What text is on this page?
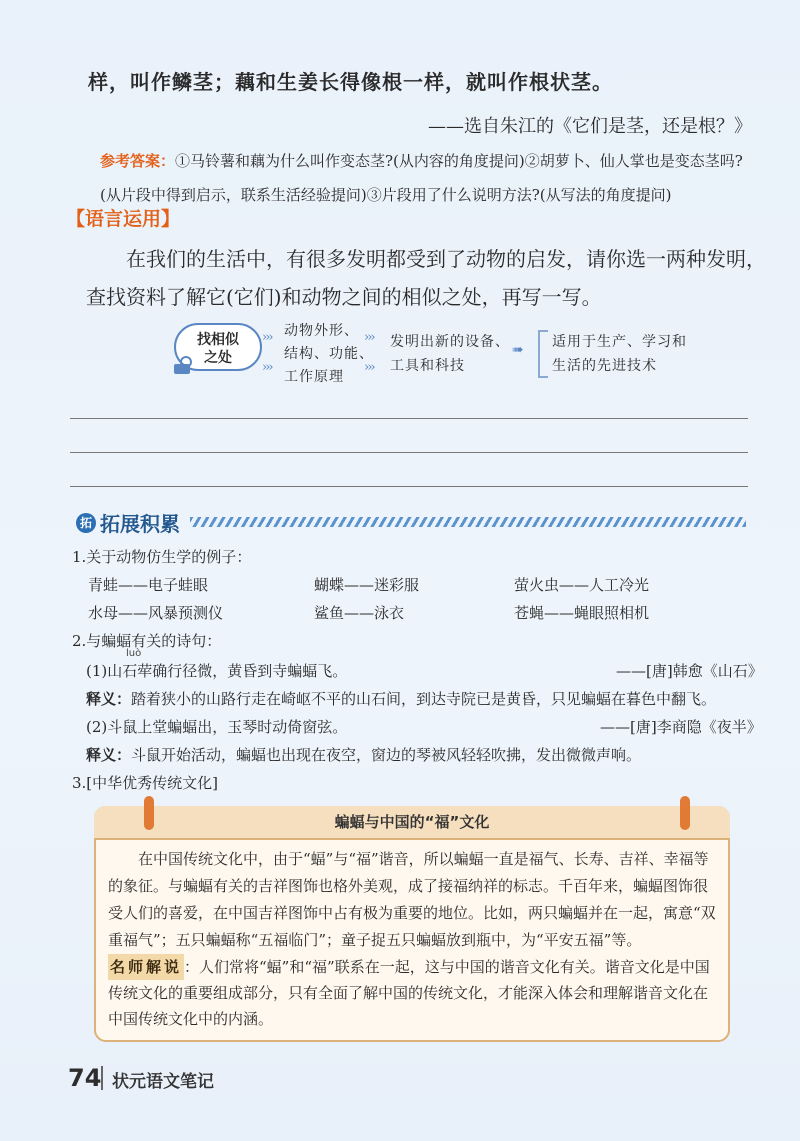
样，叫作鳞茎；藕和生姜长得像根一样，就叫作根状茎。
——选自朱江的《它们是茎，还是根？》
参考答案：①马铃薯和藕为什么叫作变态茎?(从内容的角度提问)②胡萝卜、仙人掌也是变态茎吗?(从片段中得到启示，联系生活经验提问)③片段用了什么说明方法?(从写法的角度提问)
【语言运用】
在我们的生活中，有很多发明都受到了动物的启发，请你选一两种发明，查找资料了解它(它们)和动物之间的相似之处，再写一写。
找相似
之处
›››
›››
动物外形、
结构、功能、
工作原理
›››
›››
发明出新的设备、
工具和科技
➠ 适用于生产、学习和
生活的先进技术
拓 拓展积累
1.关于动物仿生学的例子：
青蛙——电子蛙眼	蝴蝶——迷彩服	萤火虫——人工冷光
水母——风暴预测仪	鲨鱼——泳衣	苍蝇——蝇眼照相机
2.与蝙蝠有关的诗句：
luò
(1)山石荦确行径微，黄昏到寺蝙蝠飞。	——[唐]韩愈《山石》
释义：踏着狭小的山路行走在崎岖不平的山石间，到达寺院已是黄昏，只见蝙蝠在暮色中翻飞。
(2)斗鼠上堂蝙蝠出，玉琴时动倚窗弦。	——[唐]李商隐《夜半》
释义：斗鼠开始活动，蝙蝠也出现在夜空，窗边的琴被风轻轻吹拂，发出微微声响。
3.[中华优秀传统文化]
蝙蝠与中国的“福”文化
在中国传统文化中，由于“蝠”与“福”谐音，所以蝙蝠一直是福气、长寿、吉祥、幸福等的象征。与蝙蝠有关的吉祥图饰也格外美观，成了接福纳祥的标志。千百年来，蝙蝠图饰很受人们的喜爱，在中国吉祥图饰中占有极为重要的地位。比如，两只蝙蝠并在一起，寓意“双重福气”；五只蝙蝠称“五福临门”；童子捉五只蝙蝠放到瓶中，为“平安五福”等。
名师解说 ：人们常将“蝠”和“福”联系在一起，这与中国的谐音文化有关。谐音文化是中国传统文化的重要组成部分，只有全面了解中国的传统文化，才能深入体会和理解谐音文化在中国传统文化中的内涵。
74 状元语文笔记
